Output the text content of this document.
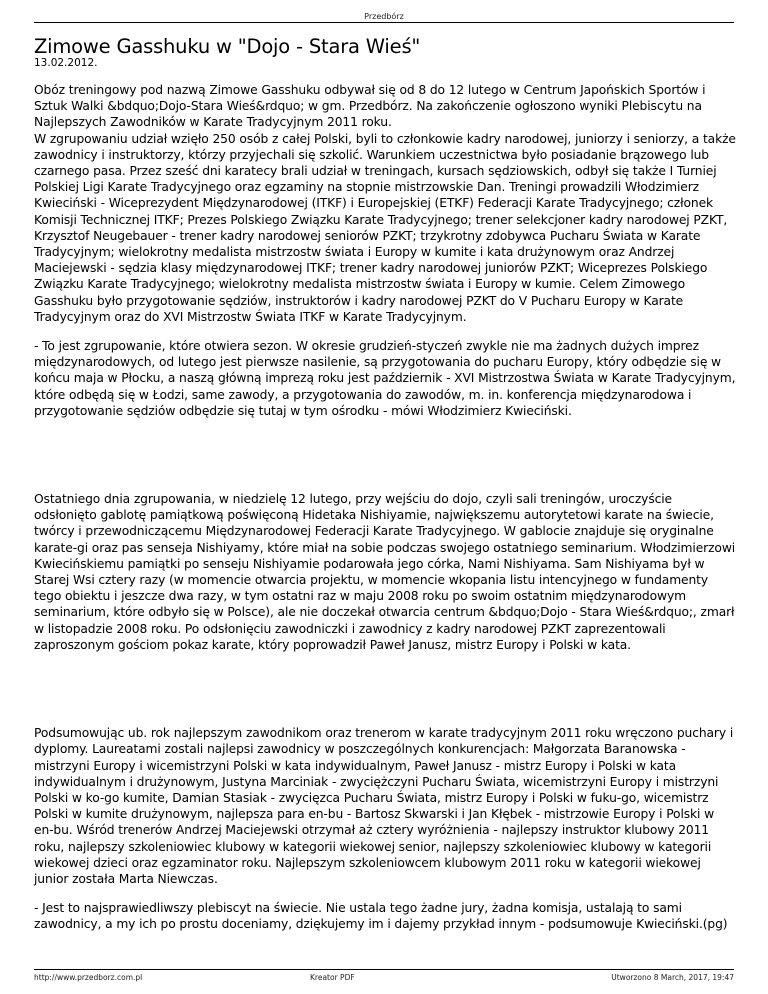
Przedbórz
Zimowe Gasshuku w "Dojo - Stara Wieś"
13.02.2012.

Obóz treningowy pod nazwą Zimowe Gasshuku odbywał się od 8 do 12 lutego w Centrum Japońskich Sportów i Sztuk Walki &bdquo;Dojo-Stara Wieś&rdquo; w gm. Przedbórz. Na zakończenie ogłoszono wyniki Plebiscytu na Najlepszych Zawodników w Karate Tradycyjnym 2011 roku.

W zgrupowaniu udział wzięło 250 osób z całej Polski, byli to członkowie kadry narodowej, juniorzy i seniorzy, a także zawodnicy i instruktorzy, którzy przyjechali się szkolić. Warunkiem uczestnictwa było posiadanie brązowego lub czarnego pasa. Przez sześć dni karatecy brali udział w treningach, kursach sędziowskich, odbył się także I Turniej Polskiej Ligi Karate Tradycyjnego oraz egzaminy na stopnie mistrzowskie Dan. Treningi prowadzili Włodzimierz Kwieciński - Wiceprezydent Międzynarodowej (ITKF) i Europejskiej (ETKF) Federacji Karate Tradycyjnego; członek Komisji Technicznej ITKF; Prezes Polskiego Związku Karate Tradycyjnego; trener selekcjoner kadry narodowej PZKT, Krzysztof Neugebauer - trener kadry narodowej seniorów PZKT; trzykrotny zdobywca Pucharu Świata w Karate Tradycyjnym; wielokrotny medalista mistrzostw świata i Europy w kumite i kata drużynowym oraz Andrzej Maciejewski - sędzia klasy międzynarodowej ITKF; trener kadry narodowej juniorów PZKT; Wiceprezes Polskiego Związku Karate Tradycyjnego; wielokrotny medalista mistrzostw świata i Europy w kumie. Celem Zimowego Gasshuku było przygotowanie sędziów, instruktorów i kadry narodowej PZKT do V Pucharu Europy w Karate Tradycyjnym oraz do XVI Mistrzostw Świata ITKF w Karate Tradycyjnym.

- To jest zgrupowanie, które otwiera sezon. W okresie grudzień-styczeń zwykle nie ma żadnych dużych imprez międzynarodowych, od lutego jest pierwsze nasilenie, są przygotowania do pucharu Europy, który odbędzie się w końcu maja w Płocku, a naszą główną imprezą roku jest październik - XVI Mistrzostwa Świata w Karate Tradycyjnym, które odbędą się w Łodzi, same zawody, a przygotowania do zawodów, m. in. konferencja międzynarodowa i przygotowanie sędziów odbędzie się tutaj w tym ośrodku - mówi Włodzimierz Kwieciński.

Ostatniego dnia zgrupowania, w niedzielę 12 lutego, przy wejściu do dojo, czyli sali treningów, uroczyście odsłonięto gablotę pamiątkową poświęconą Hidetaka Nishiyamie, największemu autorytetowi karate na świecie, twórcy i przewodniczącemu Międzynarodowej Federacji Karate Tradycyjnego. W gablocie znajduje się oryginalne karate-gi oraz pas senseja Nishiyamy, które miał na sobie podczas swojego ostatniego seminarium. Włodzimierzowi Kwiecińskiemu pamiątki po senseju Nishiyamie podarowała jego córka, Nami Nishiyama. Sam Nishiyama był w Starej Wsi cztery razy (w momencie otwarcia projektu, w momencie wkopania listu intencyjnego w fundamenty tego obiektu i jeszcze dwa razy, w tym ostatni raz w maju 2008 roku po swoim ostatnim międzynarodowym seminarium, które odbyło się w Polsce), ale nie doczekał otwarcia centrum &bdquo;Dojo - Stara Wieś&rdquo;, zmarł w listopadzie 2008 roku. Po odsłonięciu zawodniczki i zawodnicy z kadry narodowej PZKT zaprezentowali zaproszonym gościom pokaz karate, który poprowadził Paweł Janusz, mistrz Europy i Polski w kata.

Podsumowując ub. rok najlepszym zawodnikom oraz trenerom w karate tradycyjnym 2011 roku wręczono puchary i dyplomy. Laureatami zostali najlepsi zawodnicy w poszczególnych konkurencjach: Małgorzata Baranowska - mistrzyni Europy i wicemistrzyni Polski w kata indywidualnym, Paweł Janusz - mistrz Europy i Polski w kata indywidualnym i drużynowym, Justyna Marciniak - zwyciężczyni Pucharu Świata, wicemistrzyni Europy i mistrzyni Polski w ko-go kumite, Damian Stasiak - zwycięzca Pucharu Świata, mistrz Europy i Polski w fuku-go, wicemistrz Polski w kumite drużynowym, najlepsza para en-bu - Bartosz Skwarski i Jan Kłębek - mistrzowie Europy i Polski w en-bu. Wśród trenerów Andrzej Maciejewski otrzymał aż cztery wyróżnienia - najlepszy instruktor klubowy 2011 roku, najlepszy szkoleniowiec klubowy w kategorii wiekowej senior, najlepszy szkoleniowiec klubowy w kategorii wiekowej dzieci oraz egzaminator roku. Najlepszym szkoleniowcem klubowym 2011 roku w kategorii wiekowej junior została Marta Niewczas.

- Jest to najsprawiedliwszy plebiscyt na świecie. Nie ustala tego żadne jury, żadna komisja, ustalają to sami zawodnicy, a my ich po prostu doceniamy, dziękujemy im i dajemy przykład innym - podsumowuje Kwieciński.(pg)

http://www.przedborz.com.pl	Kreator PDF	Utworzono 8 March, 2017, 19:47
